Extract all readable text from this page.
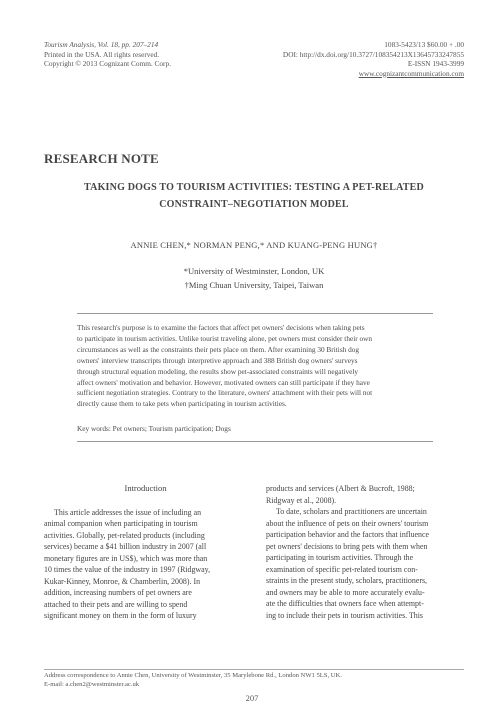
Tourism Analysis, Vol. 18, pp. 207–214
Printed in the USA. All rights reserved.
Copyright © 2013 Cognizant Comm. Corp.
1083-5423/13 $60.00 + .00
DOI: http://dx.doi.org/10.3727/108354213X13645733247855
E-ISSN 1943-3999
www.cognizantcommunication.com
RESEARCH NOTE
TAKING DOGS TO TOURISM ACTIVITIES: TESTING A PET-RELATED
CONSTRAINT–NEGOTIATION MODEL
ANNIE CHEN,* NORMAN PENG,* AND KUANG-PENG HUNG†
*University of Westminster, London, UK
†Ming Chuan University, Taipei, Taiwan
This research's purpose is to examine the factors that affect pet owners' decisions when taking pets
to participate in tourism activities. Unlike tourist traveling alone, pet owners must consider their own
circumstances as well as the constraints their pets place on them. After examining 30 British dog
owners' interview transcripts through interpretive approach and 388 British dog owners' surveys
through structural equation modeling, the results show pet-associated constraints will negatively
affect owners' motivation and behavior. However, motivated owners can still participate if they have
sufficient negotiation strategies. Contrary to the literature, owners' attachment with their pets will not
directly cause them to take pets when participating in tourism activities.
Key words: Pet owners; Tourism participation; Dogs
Introduction
This article addresses the issue of including an
animal companion when participating in tourism
activities. Globally, pet-related products (including
services) became a $41 billion industry in 2007 (all
monetary figures are in US$), which was more than
10 times the value of the industry in 1997 (Ridgway,
Kukar-Kinney, Monroe, & Chamberlin, 2008). In
addition, increasing numbers of pet owners are
attached to their pets and are willing to spend
significant money on them in the form of luxury
products and services (Albert & Bucroft, 1988;
Ridgway et al., 2008).
To date, scholars and practitioners are uncertain
about the influence of pets on their owners' tourism
participation behavior and the factors that influence
pet owners' decisions to bring pets with them when
participating in tourism activities. Through the
examination of specific pet-related tourism con-
straints in the present study, scholars, practitioners,
and owners may be able to more accurately evalu-
ate the difficulties that owners face when attempt-
ing to include their pets in tourism activities. This
Address correspondence to Annie Chen, University of Westminster, 35 Marylebone Rd., London NW1 5LS, UK.
E-mail: a.chen2@westminster.ac.uk
207
